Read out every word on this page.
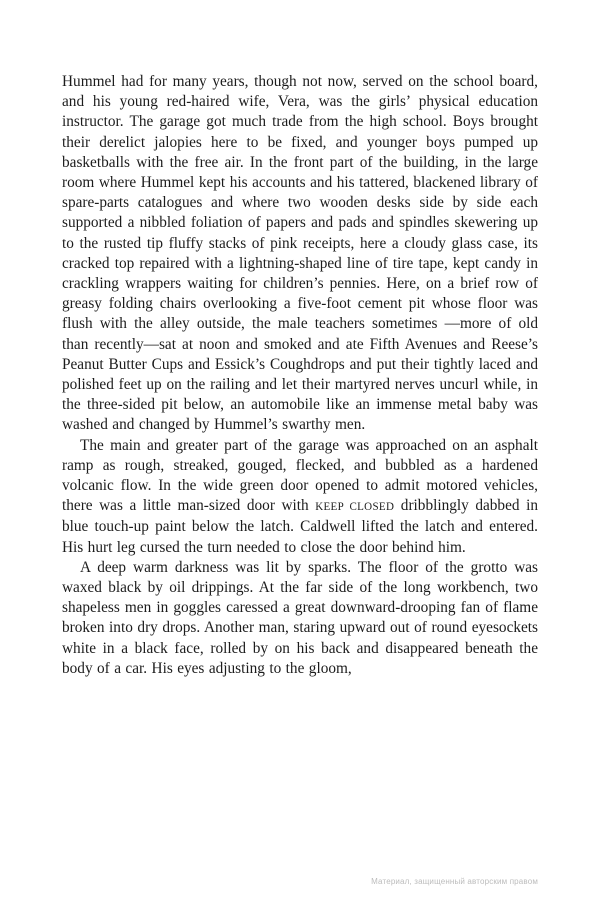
Hummel had for many years, though not now, served on the school board, and his young red-haired wife, Vera, was the girls’ physical education instructor. The garage got much trade from the high school. Boys brought their derelict jalopies here to be fixed, and younger boys pumped up basketballs with the free air. In the front part of the building, in the large room where Hummel kept his accounts and his tattered, blackened library of spare-parts catalogues and where two wooden desks side by side each supported a nibbled foliation of papers and pads and spindles skewering up to the rusted tip fluffy stacks of pink receipts, here a cloudy glass case, its cracked top repaired with a lightning-shaped line of tire tape, kept candy in crackling wrappers waiting for children’s pennies. Here, on a brief row of greasy folding chairs overlooking a five-foot cement pit whose floor was flush with the alley outside, the male teachers sometimes —more of old than recently—sat at noon and smoked and ate Fifth Avenues and Reese’s Peanut Butter Cups and Essick’s Coughdrops and put their tightly laced and polished feet up on the railing and let their martyred nerves uncurl while, in the three-sided pit below, an automobile like an immense metal baby was washed and changed by Hummel’s swarthy men.

The main and greater part of the garage was approached on an asphalt ramp as rough, streaked, gouged, flecked, and bubbled as a hardened volcanic flow. In the wide green door opened to admit motored vehicles, there was a little man-sized door with KEEP CLOSED dribblingly dabbed in blue touch-up paint below the latch. Caldwell lifted the latch and entered. His hurt leg cursed the turn needed to close the door behind him.

A deep warm darkness was lit by sparks. The floor of the grotto was waxed black by oil drippings. At the far side of the long workbench, two shapeless men in goggles caressed a great downward-drooping fan of flame broken into dry drops. Another man, staring upward out of round eyesockets white in a black face, rolled by on his back and disappeared beneath the body of a car. His eyes adjusting to the gloom,

Материал, защищенный авторским правом
